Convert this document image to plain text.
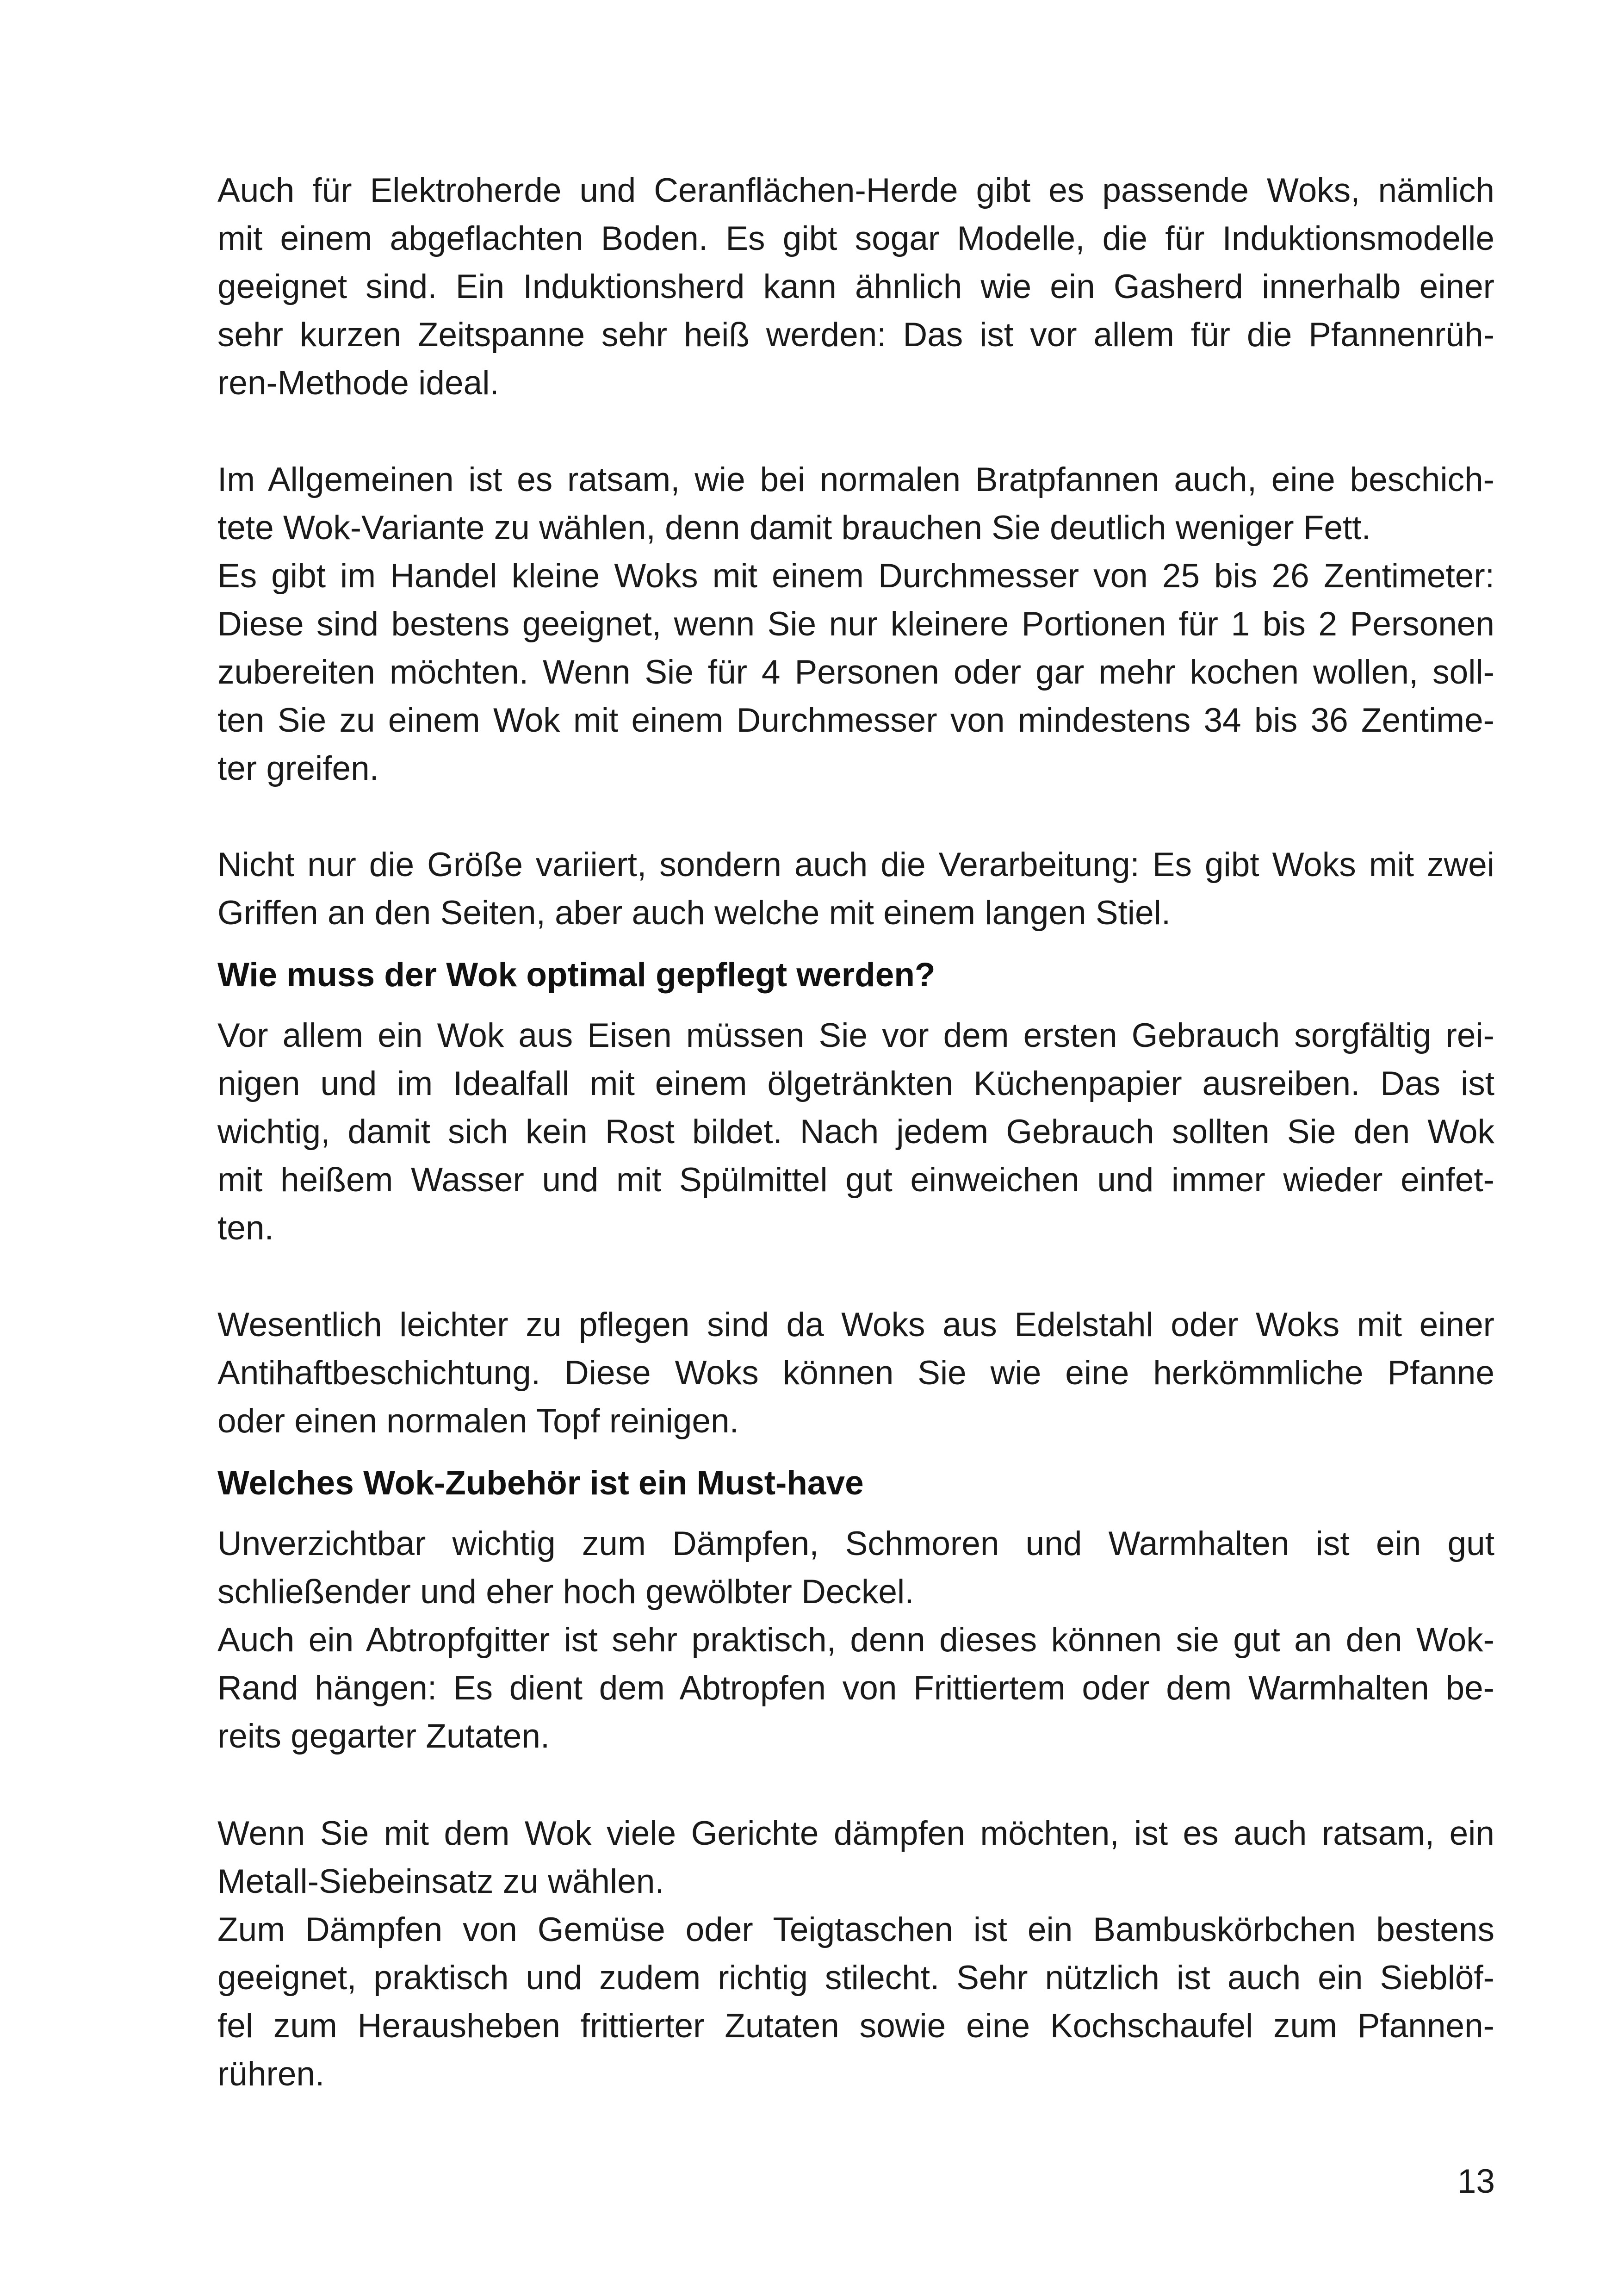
Auch für Elektroherde und Ceranflächen-Herde gibt es passende Woks, nämlich
mit einem abgeflachten Boden. Es gibt sogar Modelle, die für Induktionsmodelle
geeignet sind. Ein Induktionsherd kann ähnlich wie ein Gasherd innerhalb einer
sehr kurzen Zeitspanne sehr heiß werden: Das ist vor allem für die Pfannenrüh-
ren-Methode ideal.
Im Allgemeinen ist es ratsam, wie bei normalen Bratpfannen auch, eine beschich-
tete Wok-Variante zu wählen, denn damit brauchen Sie deutlich weniger Fett.
Es gibt im Handel kleine Woks mit einem Durchmesser von 25 bis 26 Zentimeter:
Diese sind bestens geeignet, wenn Sie nur kleinere Portionen für 1 bis 2 Personen
zubereiten möchten. Wenn Sie für 4 Personen oder gar mehr kochen wollen, soll-
ten Sie zu einem Wok mit einem Durchmesser von mindestens 34 bis 36 Zentime-
ter greifen.
Nicht nur die Größe variiert, sondern auch die Verarbeitung: Es gibt Woks mit zwei
Griffen an den Seiten, aber auch welche mit einem langen Stiel.
Wie muss der Wok optimal gepflegt werden?
Vor allem ein Wok aus Eisen müssen Sie vor dem ersten Gebrauch sorgfältig rei-
nigen und im Idealfall mit einem ölgetränkten Küchenpapier ausreiben. Das ist
wichtig, damit sich kein Rost bildet. Nach jedem Gebrauch sollten Sie den Wok
mit heißem Wasser und mit Spülmittel gut einweichen und immer wieder einfet-
ten.
Wesentlich leichter zu pflegen sind da Woks aus Edelstahl oder Woks mit einer
Antihaftbeschichtung. Diese Woks können Sie wie eine herkömmliche Pfanne
oder einen normalen Topf reinigen.
Welches Wok-Zubehör ist ein Must-have
Unverzichtbar wichtig zum Dämpfen, Schmoren und Warmhalten ist ein gut
schließender und eher hoch gewölbter Deckel.
Auch ein Abtropfgitter ist sehr praktisch, denn dieses können sie gut an den Wok-
Rand hängen: Es dient dem Abtropfen von Frittiertem oder dem Warmhalten be-
reits gegarter Zutaten.
Wenn Sie mit dem Wok viele Gerichte dämpfen möchten, ist es auch ratsam, ein
Metall-Siebeinsatz zu wählen.
Zum Dämpfen von Gemüse oder Teigtaschen ist ein Bambuskörbchen bestens
geeignet, praktisch und zudem richtig stilecht. Sehr nützlich ist auch ein Sieblöf-
fel zum Herausheben frittierter Zutaten sowie eine Kochschaufel zum Pfannen-
rühren.
13
